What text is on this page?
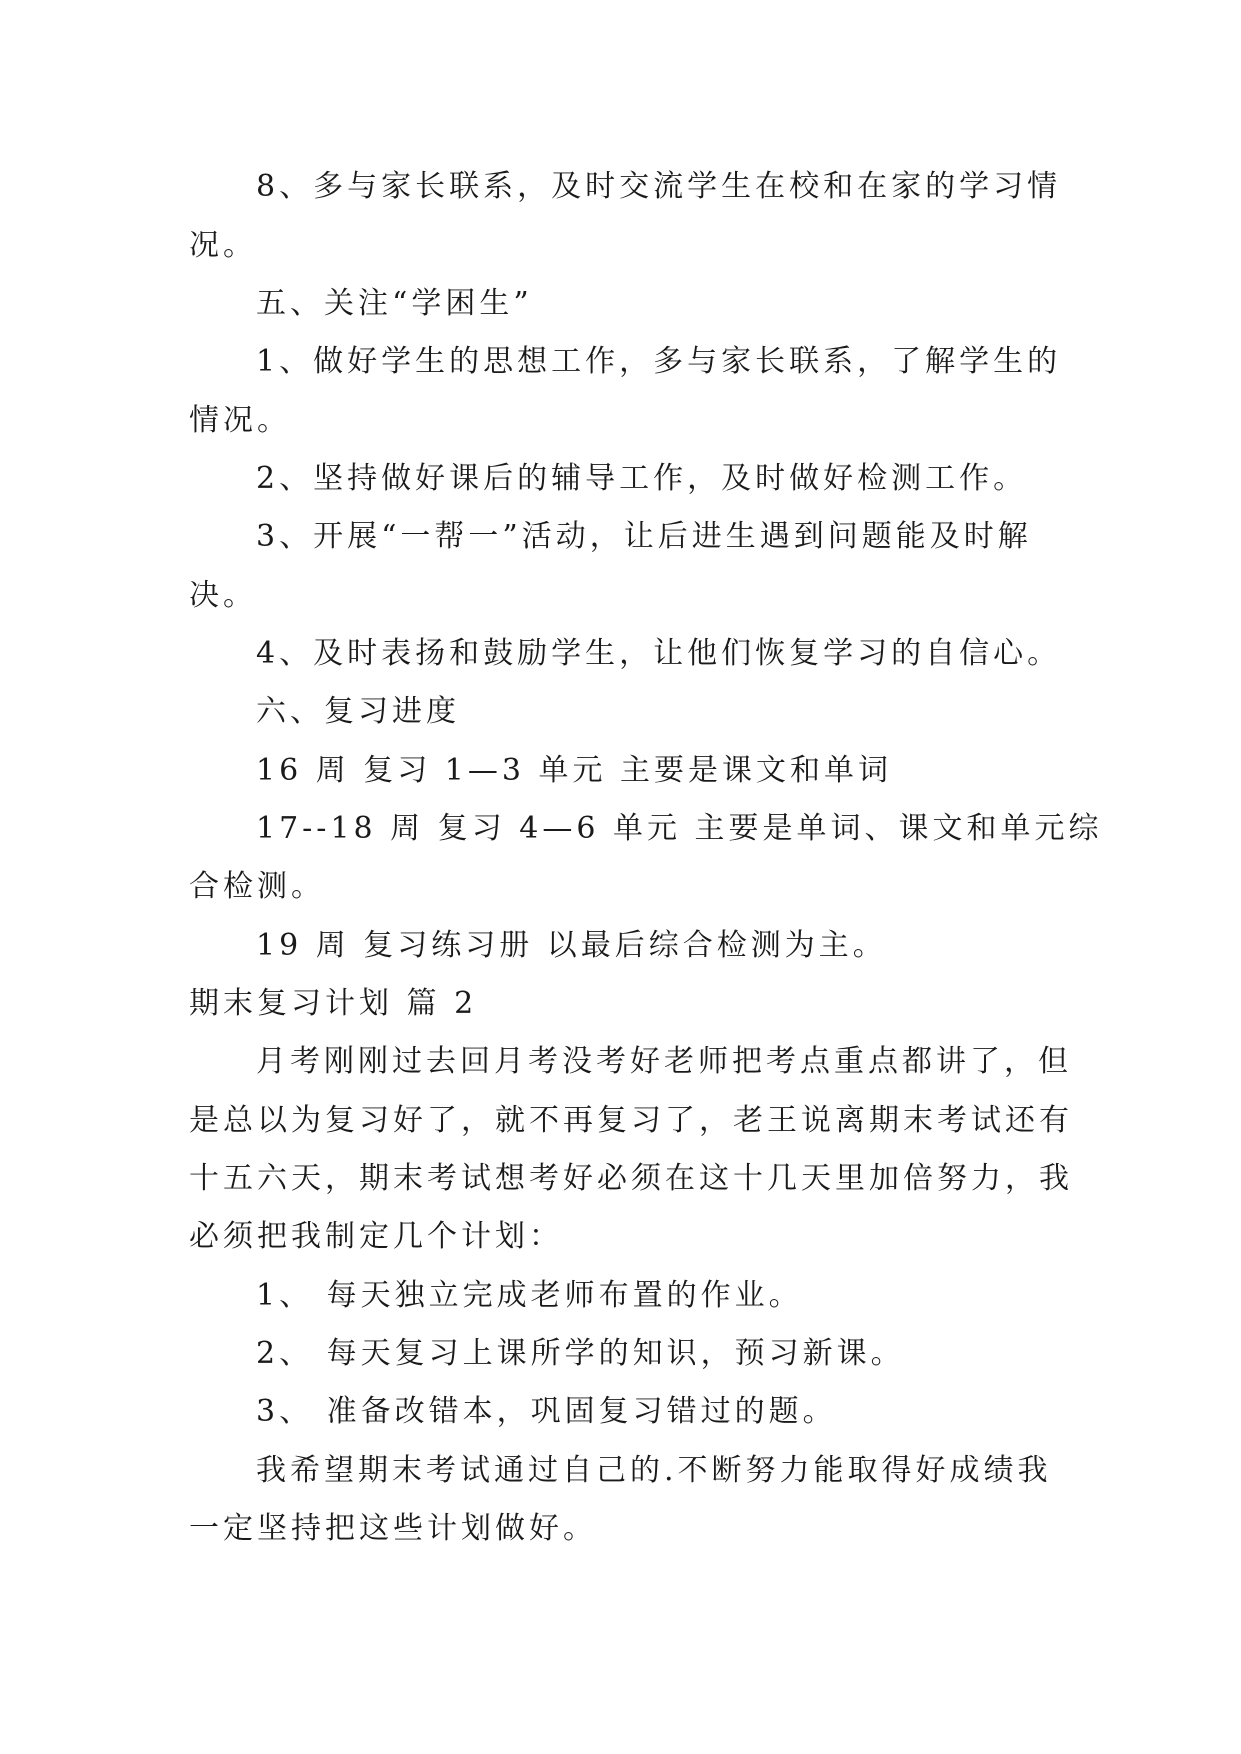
8、多与家长联系，及时交流学生在校和在家的学习情
况。
五、关注“学困生”
1、做好学生的思想工作，多与家长联系，了解学生的
情况。
2、坚持做好课后的辅导工作，及时做好检测工作。
3、开展“一帮一”活动，让后进生遇到问题能及时解
决。
4、及时表扬和鼓励学生，让他们恢复学习的自信心。
六、复习进度
16 周 复习 1—3 单元 主要是课文和单词
17--18 周 复习 4—6 单元 主要是单词、课文和单元综
合检测。
19 周 复习练习册 以最后综合检测为主。
期末复习计划 篇 2
月考刚刚过去回月考没考好老师把考点重点都讲了，但
是总以为复习好了，就不再复习了，老王说离期末考试还有
十五六天，期末考试想考好必须在这十几天里加倍努力，我
必须把我制定几个计划：
1、 每天独立完成老师布置的作业。
2、 每天复习上课所学的知识，预习新课。
3、 准备改错本，巩固复习错过的题。
我希望期末考试通过自己的.不断努力能取得好成绩我
一定坚持把这些计划做好。
